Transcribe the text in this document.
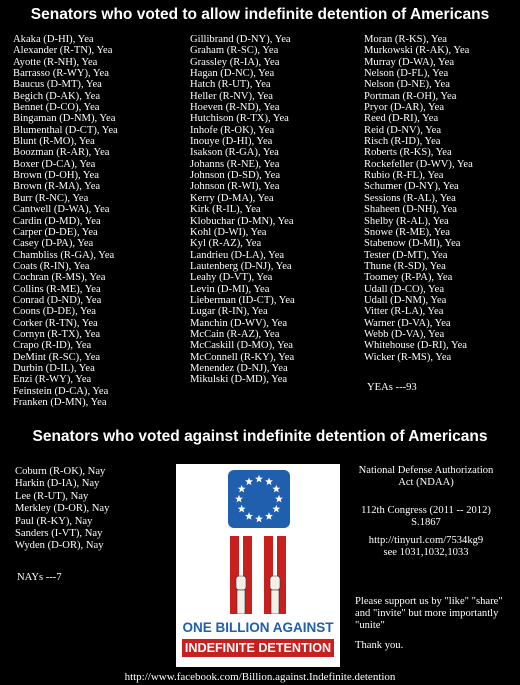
Senators who voted to allow indefinite detention of Americans
Akaka (D-HI), Yea
Alexander (R-TN), Yea
Ayotte (R-NH), Yea
Barrasso (R-WY), Yea
Baucus (D-MT), Yea
Begich (D-AK), Yea
Bennet (D-CO), Yea
Bingaman (D-NM), Yea
Blumenthal (D-CT), Yea
Blunt (R-MO), Yea
Boozman (R-AR), Yea
Boxer (D-CA), Yea
Brown (D-OH), Yea
Brown (R-MA), Yea
Burr (R-NC), Yea
Cantwell (D-WA), Yea
Cardin (D-MD), Yea
Carper (D-DE), Yea
Casey (D-PA), Yea
Chambliss (R-GA), Yea
Coats (R-IN), Yea
Cochran (R-MS), Yea
Collins (R-ME), Yea
Conrad (D-ND), Yea
Coons (D-DE), Yea
Corker (R-TN), Yea
Cornyn (R-TX), Yea
Crapo (R-ID), Yea
DeMint (R-SC), Yea
Durbin (D-IL), Yea
Enzi (R-WY), Yea
Feinstein (D-CA), Yea
Franken (D-MN), Yea
Gillibrand (D-NY), Yea
Graham (R-SC), Yea
Grassley (R-IA), Yea
Hagan (D-NC), Yea
Hatch (R-UT), Yea
Heller (R-NV), Yea
Hoeven (R-ND), Yea
Hutchison (R-TX), Yea
Inhofe (R-OK), Yea
Inouye (D-HI), Yea
Isakson (R-GA), Yea
Johanns (R-NE), Yea
Johnson (D-SD), Yea
Johnson (R-WI), Yea
Kerry (D-MA), Yea
Kirk (R-IL), Yea
Klobuchar (D-MN), Yea
Kohl (D-WI), Yea
Kyl (R-AZ), Yea
Landrieu (D-LA), Yea
Lautenberg (D-NJ), Yea
Leahy (D-VT), Yea
Levin (D-MI), Yea
Lieberman (ID-CT), Yea
Lugar (R-IN), Yea
Manchin (D-WV), Yea
McCain (R-AZ), Yea
McCaskill (D-MO), Yea
McConnell (R-KY), Yea
Menendez (D-NJ), Yea
Mikulski (D-MD), Yea
Moran (R-KS), Yea
Murkowski (R-AK), Yea
Murray (D-WA), Yea
Nelson (D-FL), Yea
Nelson (D-NE), Yea
Portman (R-OH), Yea
Pryor (D-AR), Yea
Reed (D-RI), Yea
Reid (D-NV), Yea
Risch (R-ID), Yea
Roberts (R-KS), Yea
Rockefeller (D-WV), Yea
Rubio (R-FL), Yea
Schumer (D-NY), Yea
Sessions (R-AL), Yea
Shaheen (D-NH), Yea
Shelby (R-AL), Yea
Snowe (R-ME), Yea
Stabenow (D-MI), Yea
Tester (D-MT), Yea
Thune (R-SD), Yea
Toomey (R-PA), Yea
Udall (D-CO), Yea
Udall (D-NM), Yea
Vitter (R-LA), Yea
Warner (D-VA), Yea
Webb (D-VA), Yea
Whitehouse (D-RI), Yea
Wicker (R-MS), Yea
YEAs ---93
Senators who voted against indefinite detention of Americans
Coburn (R-OK), Nay
Harkin (D-IA), Nay
Lee (R-UT), Nay
Merkley (D-OR), Nay
Paul (R-KY), Nay
Sanders (I-VT), Nay
Wyden (D-OR), Nay
NAYs ---7
ONE BILLION AGAINST
INDEFINITE DETENTION
National Defense Authorization
Act (NDAA)
112th Congress (2011 -- 2012)
S.1867
http://tinyurl.com/7534kg9
see 1031,1032,1033
Please support us by "like" "share" and "invite" but more importantly "unite"
Thank you.
http://www.facebook.com/Billion.against.Indefinite.detention
